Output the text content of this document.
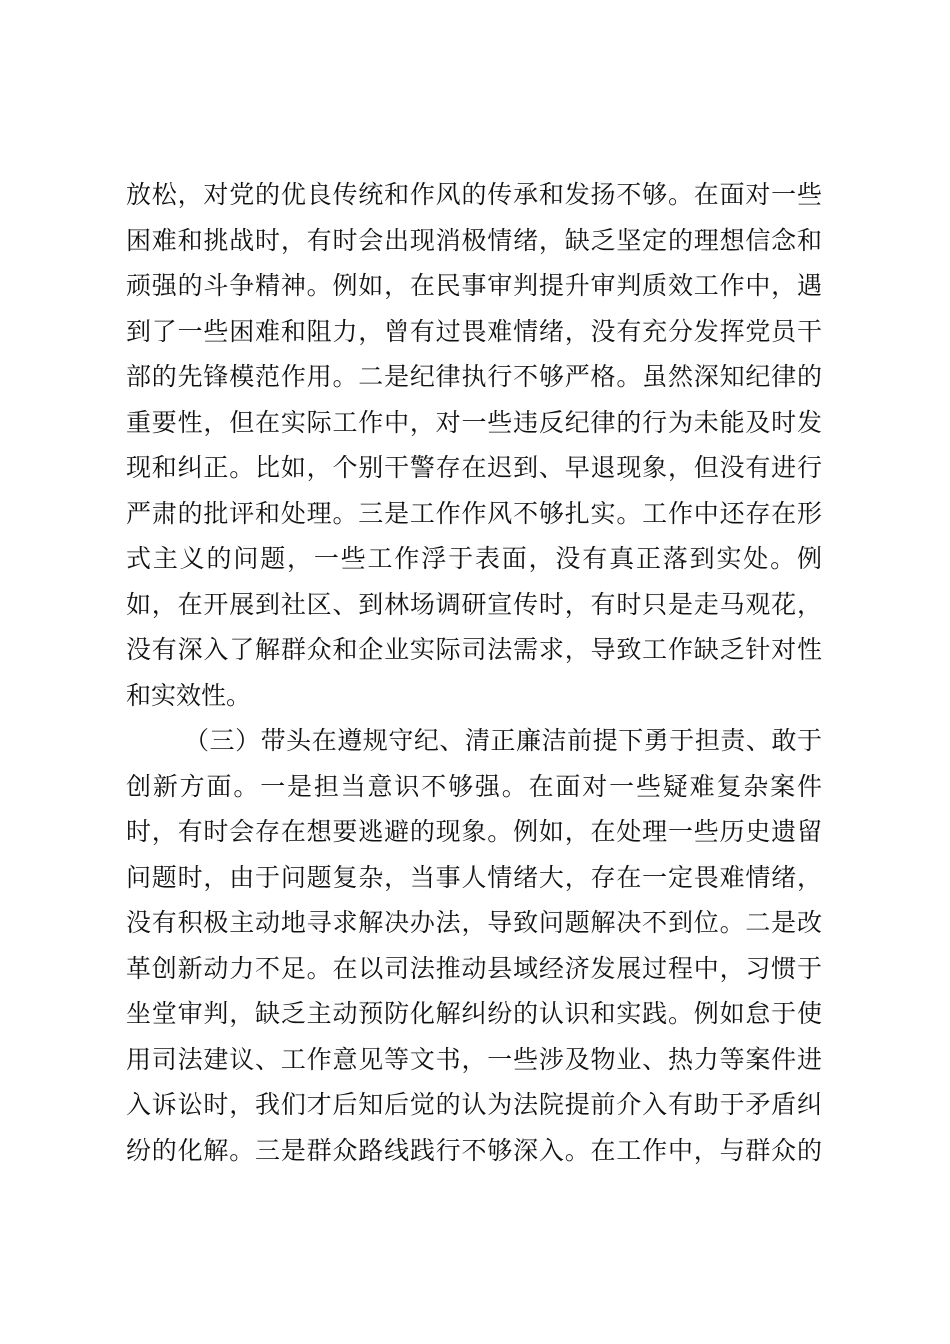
放松，对党的优良传统和作风的传承和发扬不够。在面对一些
困难和挑战时，有时会出现消极情绪，缺乏坚定的理想信念和
顽强的斗争精神。例如，在民事审判提升审判质效工作中，遇
到了一些困难和阻力，曾有过畏难情绪，没有充分发挥党员干
部的先锋模范作用。二是纪律执行不够严格。虽然深知纪律的
重要性，但在实际工作中，对一些违反纪律的行为未能及时发
现和纠正。比如，个别干警存在迟到、早退现象，但没有进行
严肃的批评和处理。三是工作作风不够扎实。工作中还存在形
式主义的问题，一些工作浮于表面，没有真正落到实处。例
如，在开展到社区、到林场调研宣传时，有时只是走马观花，
没有深入了解群众和企业实际司法需求，导致工作缺乏针对性
和实效性。
（三）带头在遵规守纪、清正廉洁前提下勇于担责、敢于
创新方面。一是担当意识不够强。在面对一些疑难复杂案件
时，有时会存在想要逃避的现象。例如，在处理一些历史遗留
问题时，由于问题复杂，当事人情绪大，存在一定畏难情绪，
没有积极主动地寻求解决办法，导致问题解决不到位。二是改
革创新动力不足。在以司法推动县域经济发展过程中，习惯于
坐堂审判，缺乏主动预防化解纠纷的认识和实践。例如怠于使
用司法建议、工作意见等文书，一些涉及物业、热力等案件进
入诉讼时，我们才后知后觉的认为法院提前介入有助于矛盾纠
纷的化解。三是群众路线践行不够深入。在工作中，与群众的
